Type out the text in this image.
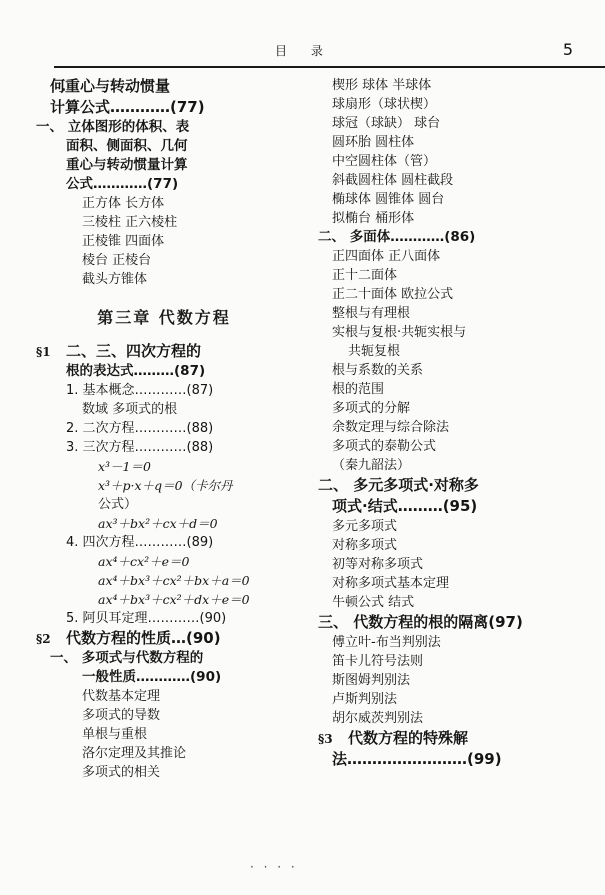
目 录	5
何重心与转动惯量
计算公式…………(77)
一、 立体图形的体积、表
面积、侧面积、几何
重心与转动惯量计算
公式…………(77)
正方体 长方体
三棱柱 正六棱柱
正棱锥 四面体
棱台 正棱台
截头方锥体
第三章 代数方程
§1 二、三、四次方程的
根的表达式………(87)
1. 基本概念…………(87)
数域 多项式的根
2. 二次方程…………(88)
3. 三次方程…………(88)
x³－1＝0
x³＋p·x＋q＝0（卡尔丹
公式）
ax³＋bx²＋cx＋d＝0
4. 四次方程…………(89)
ax⁴＋cx²＋e＝0
ax⁴＋bx³＋cx²＋bx＋a＝0
ax⁴＋bx³＋cx²＋dx＋e＝0
5. 阿贝耳定理…………(90)
§2 代数方程的性质…(90)
一、 多项式与代数方程的
一般性质…………(90)
代数基本定理
多项式的导数
单根与重根
洛尔定理及其推论
多项式的相关
楔形 球体 半球体
球扇形（球状楔）
球冠（球缺） 球台
圆环胎 圆柱体
中空圆柱体（管）
斜截圆柱体 圆柱截段
椭球体 圆锥体 圆台
拟椭台 桶形体
二、 多面体…………(86)
正四面体 正八面体
正十二面体
正二十面体 欧拉公式
整根与有理根
实根与复根·共轭实根与
共轭复根
根与系数的关系
根的范围
多项式的分解
余数定理与综合除法
多项式的泰勒公式
（秦九韶法）
二、 多元多项式·对称多
项式·结式………(95)
多元多项式
对称多项式
初等对称多项式
对称多项式基本定理
牛顿公式 结式
三、 代数方程的根的隔离(97)
傅立叶-布当判别法
笛卡儿符号法则
斯图姆判别法
卢斯判别法
胡尔威茨判别法
§3 代数方程的特殊解
法……………………(99)
· · · ·
